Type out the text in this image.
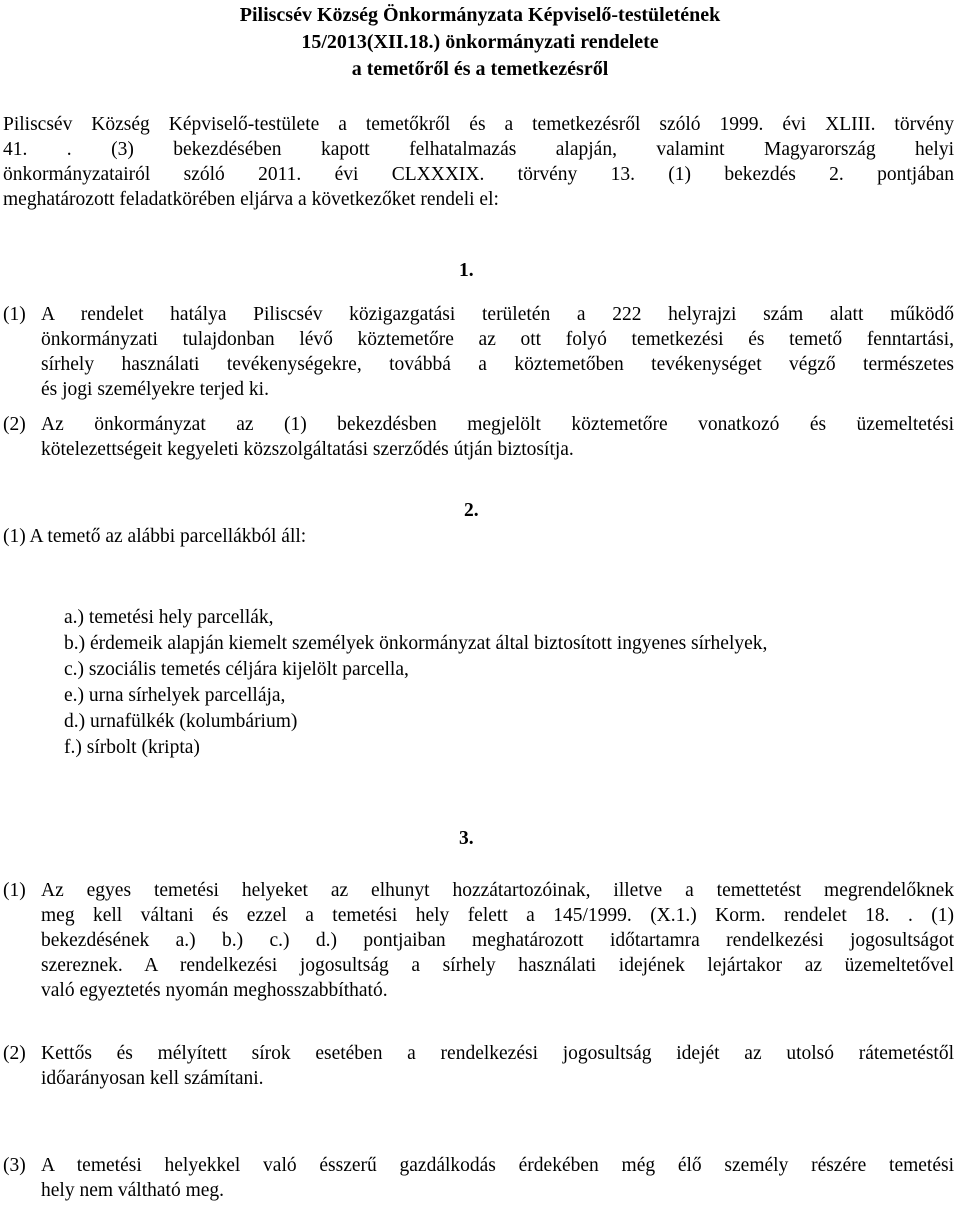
Piliscsév Község Önkormányzata Képviselő-testületének
15/2013(XII.18.) önkormányzati rendelete
a temetőről és a temetkezésről
Piliscsév Község Képviselő-testülete a temetőkről és a temetkezésről szóló 1999. évi XLIII. törvény
41. . (3) bekezdésében kapott felhatalmazás alapján, valamint Magyarország helyi
önkormányzatairól szóló 2011. évi CLXXXIX. törvény 13. (1) bekezdés 2. pontjában
meghatározott feladatkörében eljárva a következőket rendeli el:
1.
(1) A rendelet hatálya Piliscsév közigazgatási területén a 222 helyrajzi szám alatt működő
önkormányzati tulajdonban lévő köztemetőre az ott folyó temetkezési és temető fenntartási,
sírhely használati tevékenységekre, továbbá a köztemetőben tevékenységet végző természetes
és jogi személyekre terjed ki.
(2) Az önkormányzat az (1) bekezdésben megjelölt köztemetőre vonatkozó és üzemeltetési
kötelezettségeit kegyeleti közszolgáltatási szerződés útján biztosítja.
2.
(1) A temető az alábbi parcellákból áll:
a.) temetési hely parcellák,
b.) érdemeik alapján kiemelt személyek önkormányzat által biztosított ingyenes sírhelyek,
c.) szociális temetés céljára kijelölt parcella,
e.) urna sírhelyek parcellája,
d.) urnafülkék (kolumbárium)
f.) sírbolt (kripta)
3.
(1) Az egyes temetési helyeket az elhunyt hozzátartozóinak, illetve a temettetést megrendelőknek
meg kell váltani és ezzel a temetési hely felett a 145/1999. (X.1.) Korm. rendelet 18. . (1)
bekezdésének a.) b.) c.) d.) pontjaiban meghatározott időtartamra rendelkezési jogosultságot
szereznek. A rendelkezési jogosultság a sírhely használati idejének lejártakor az üzemeltetővel
való egyeztetés nyomán meghosszabbítható.
(2) Kettős és mélyített sírok esetében a rendelkezési jogosultság idejét az utolsó rátemetéstől
időarányosan kell számítani.
(3) A temetési helyekkel való ésszerű gazdálkodás érdekében még élő személy részére temetési
hely nem váltható meg.
